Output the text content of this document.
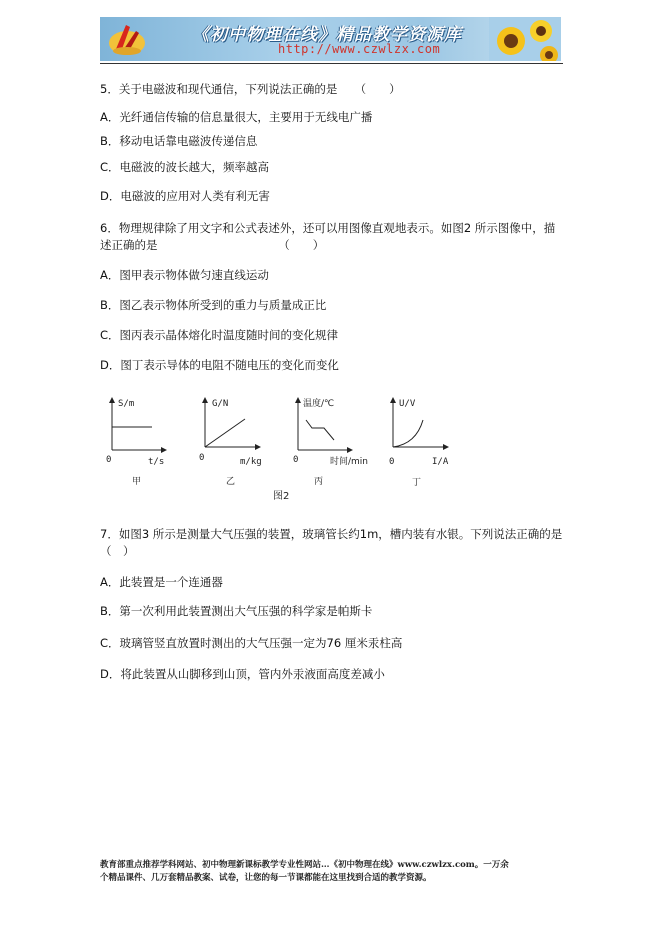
《初中物理在线》精品教学资源库
http://www.czwlzx.com
5．关于电磁波和现代通信，下列说法正确的是　　（　　）
A．光纤通信传输的信息量很大，主要用于无线电广播
B．移动电话靠电磁波传递信息
C．电磁波的波长越大，频率越高
D．电磁波的应用对人类有利无害
6．物理规律除了用文字和公式表述外，还可以用图像直观地表示。如图2 所示图像中，描
述正确的是　　　　　　　　　　　（　　）
A．图甲表示物体做匀速直线运动
B．图乙表示物体所受到的重力与质量成正比
C．图丙表示晶体熔化时温度随时间的变化规律
D．图丁表示导体的电阻不随电压的变化而变化
S/m
0	t/s
甲
G/N
0	m/kg
乙
温度/℃
0	时间/min
丙
U/V
0	I/A
丁
图2
7．如图3 所示是测量大气压强的装置，玻璃管长约1m，槽内装有水银。下列说法正确的是
（　）
A．此装置是一个连通器
B．第一次利用此装置测出大气压强的科学家是帕斯卡
C．玻璃管竖直放置时测出的大气压强一定为76 厘米汞柱高
D．将此装置从山脚移到山顶，管内外汞液面高度差减小
教育部重点推荐学科网站、初中物理新课标教学专业性网站…《初中物理在线》www.czwlzx.com。一万余
个精品课件、几万套精品教案、试卷，让您的每一节课都能在这里找到合适的教学资源。
